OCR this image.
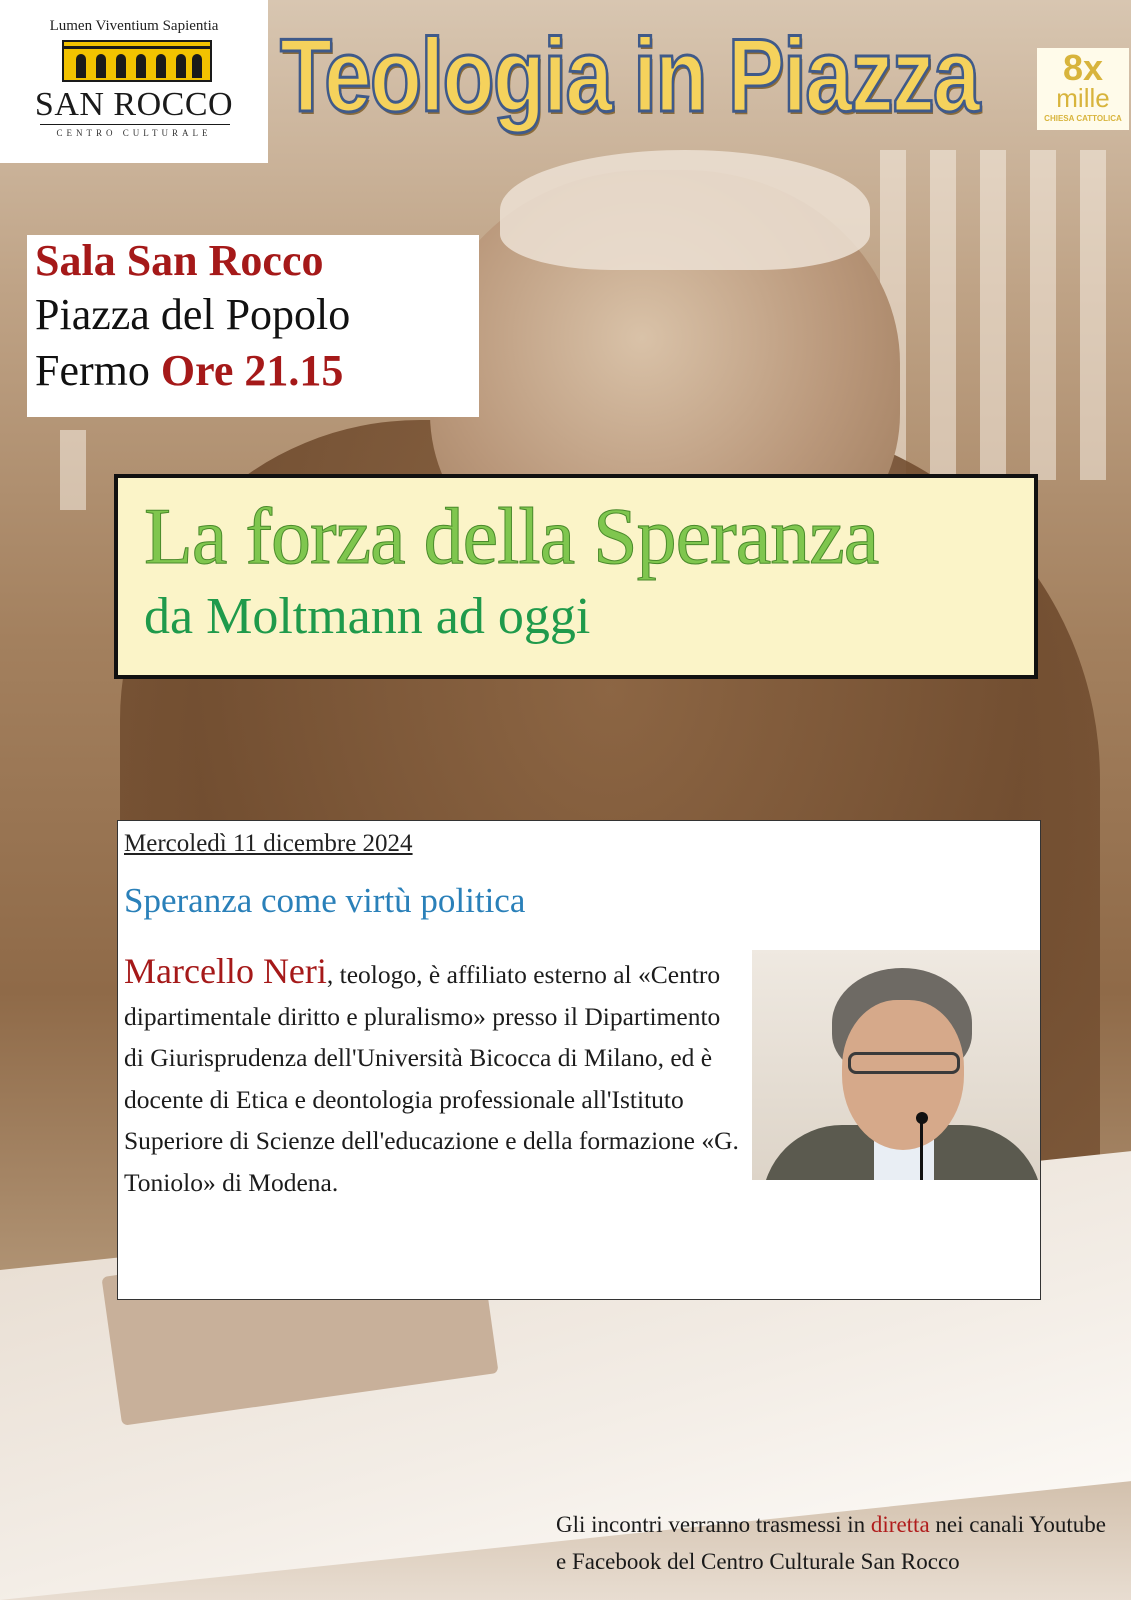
Lumen Viventium Sapientia
SAN ROCCO
CENTRO CULTURALE Teologia in Piazza	8x
mille
CHIESA CATTOLICA
Sala San Rocco
Piazza del Popolo
Fermo Ore 21.15
La forza della Speranza
da Moltmann ad oggi
Mercoledì 11 dicembre 2024
Speranza come virtù politica
Marcello Neri, teologo, è affiliato esterno al «Centro dipartimentale diritto e pluralismo» presso il Dipartimento di Giurisprudenza dell'Università Bicocca di Milano, ed è docente di Etica e deontologia professionale all'Istituto Superiore di Scienze dell'educazione e della formazione «G. Toniolo» di Modena.
Gli incontri verranno trasmessi in diretta nei canali Youtube e Facebook del Centro Culturale San Rocco
